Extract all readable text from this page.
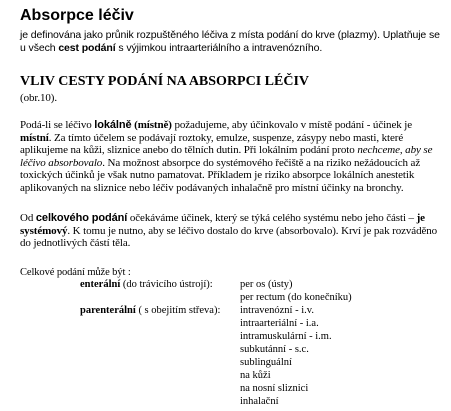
Absorpce léčiv
je definována jako průnik rozpuštěného léčiva z místa podání do krve (plazmy). Uplatňuje se
u všech cest podání s výjimkou intraarteriálního a intravenózního.
VLIV CESTY PODÁNÍ NA ABSORPCI LÉČIV
(obr.10).
Podá-li se léčivo lokálně (místně) požadujeme, aby účinkovalo v místě podání - účinek je místní. Za tímto účelem se podávají roztoky, emulze, suspenze, zásypy nebo masti, které aplikujeme na kůži, sliznice anebo do tělních dutin. Při lokálním podání proto nechceme, aby se léčivo absorbovalo. Na možnost absorpce do systémového řečiště a na riziko nežádoucích až toxických účinků je však nutno pamatovat. Příkladem je riziko absorpce lokálních anestetik aplikovaných na sliznice nebo léčiv podávaných inhalačně pro místní účinky na bronchy.
Od celkového podání očekáváme účinek, který se týká celého systému nebo jeho části – je systémový. K tomu je nutno, aby se léčivo dostalo do krve (absorbovalo). Krví je pak rozváděno do jednotlivých částí těla.
Celkové podání může být :
enterální (do trávicího ústrojí):	per os (ústy)
per rectum (do konečníku)
parenterální ( s obejitím střeva): intravenózní - i.v.
intraarteriální - i.a.
intramuskulární - i.m.
subkutánní - s.c.
sublinguální
na kůži
na nosní sliznici
inhalační
